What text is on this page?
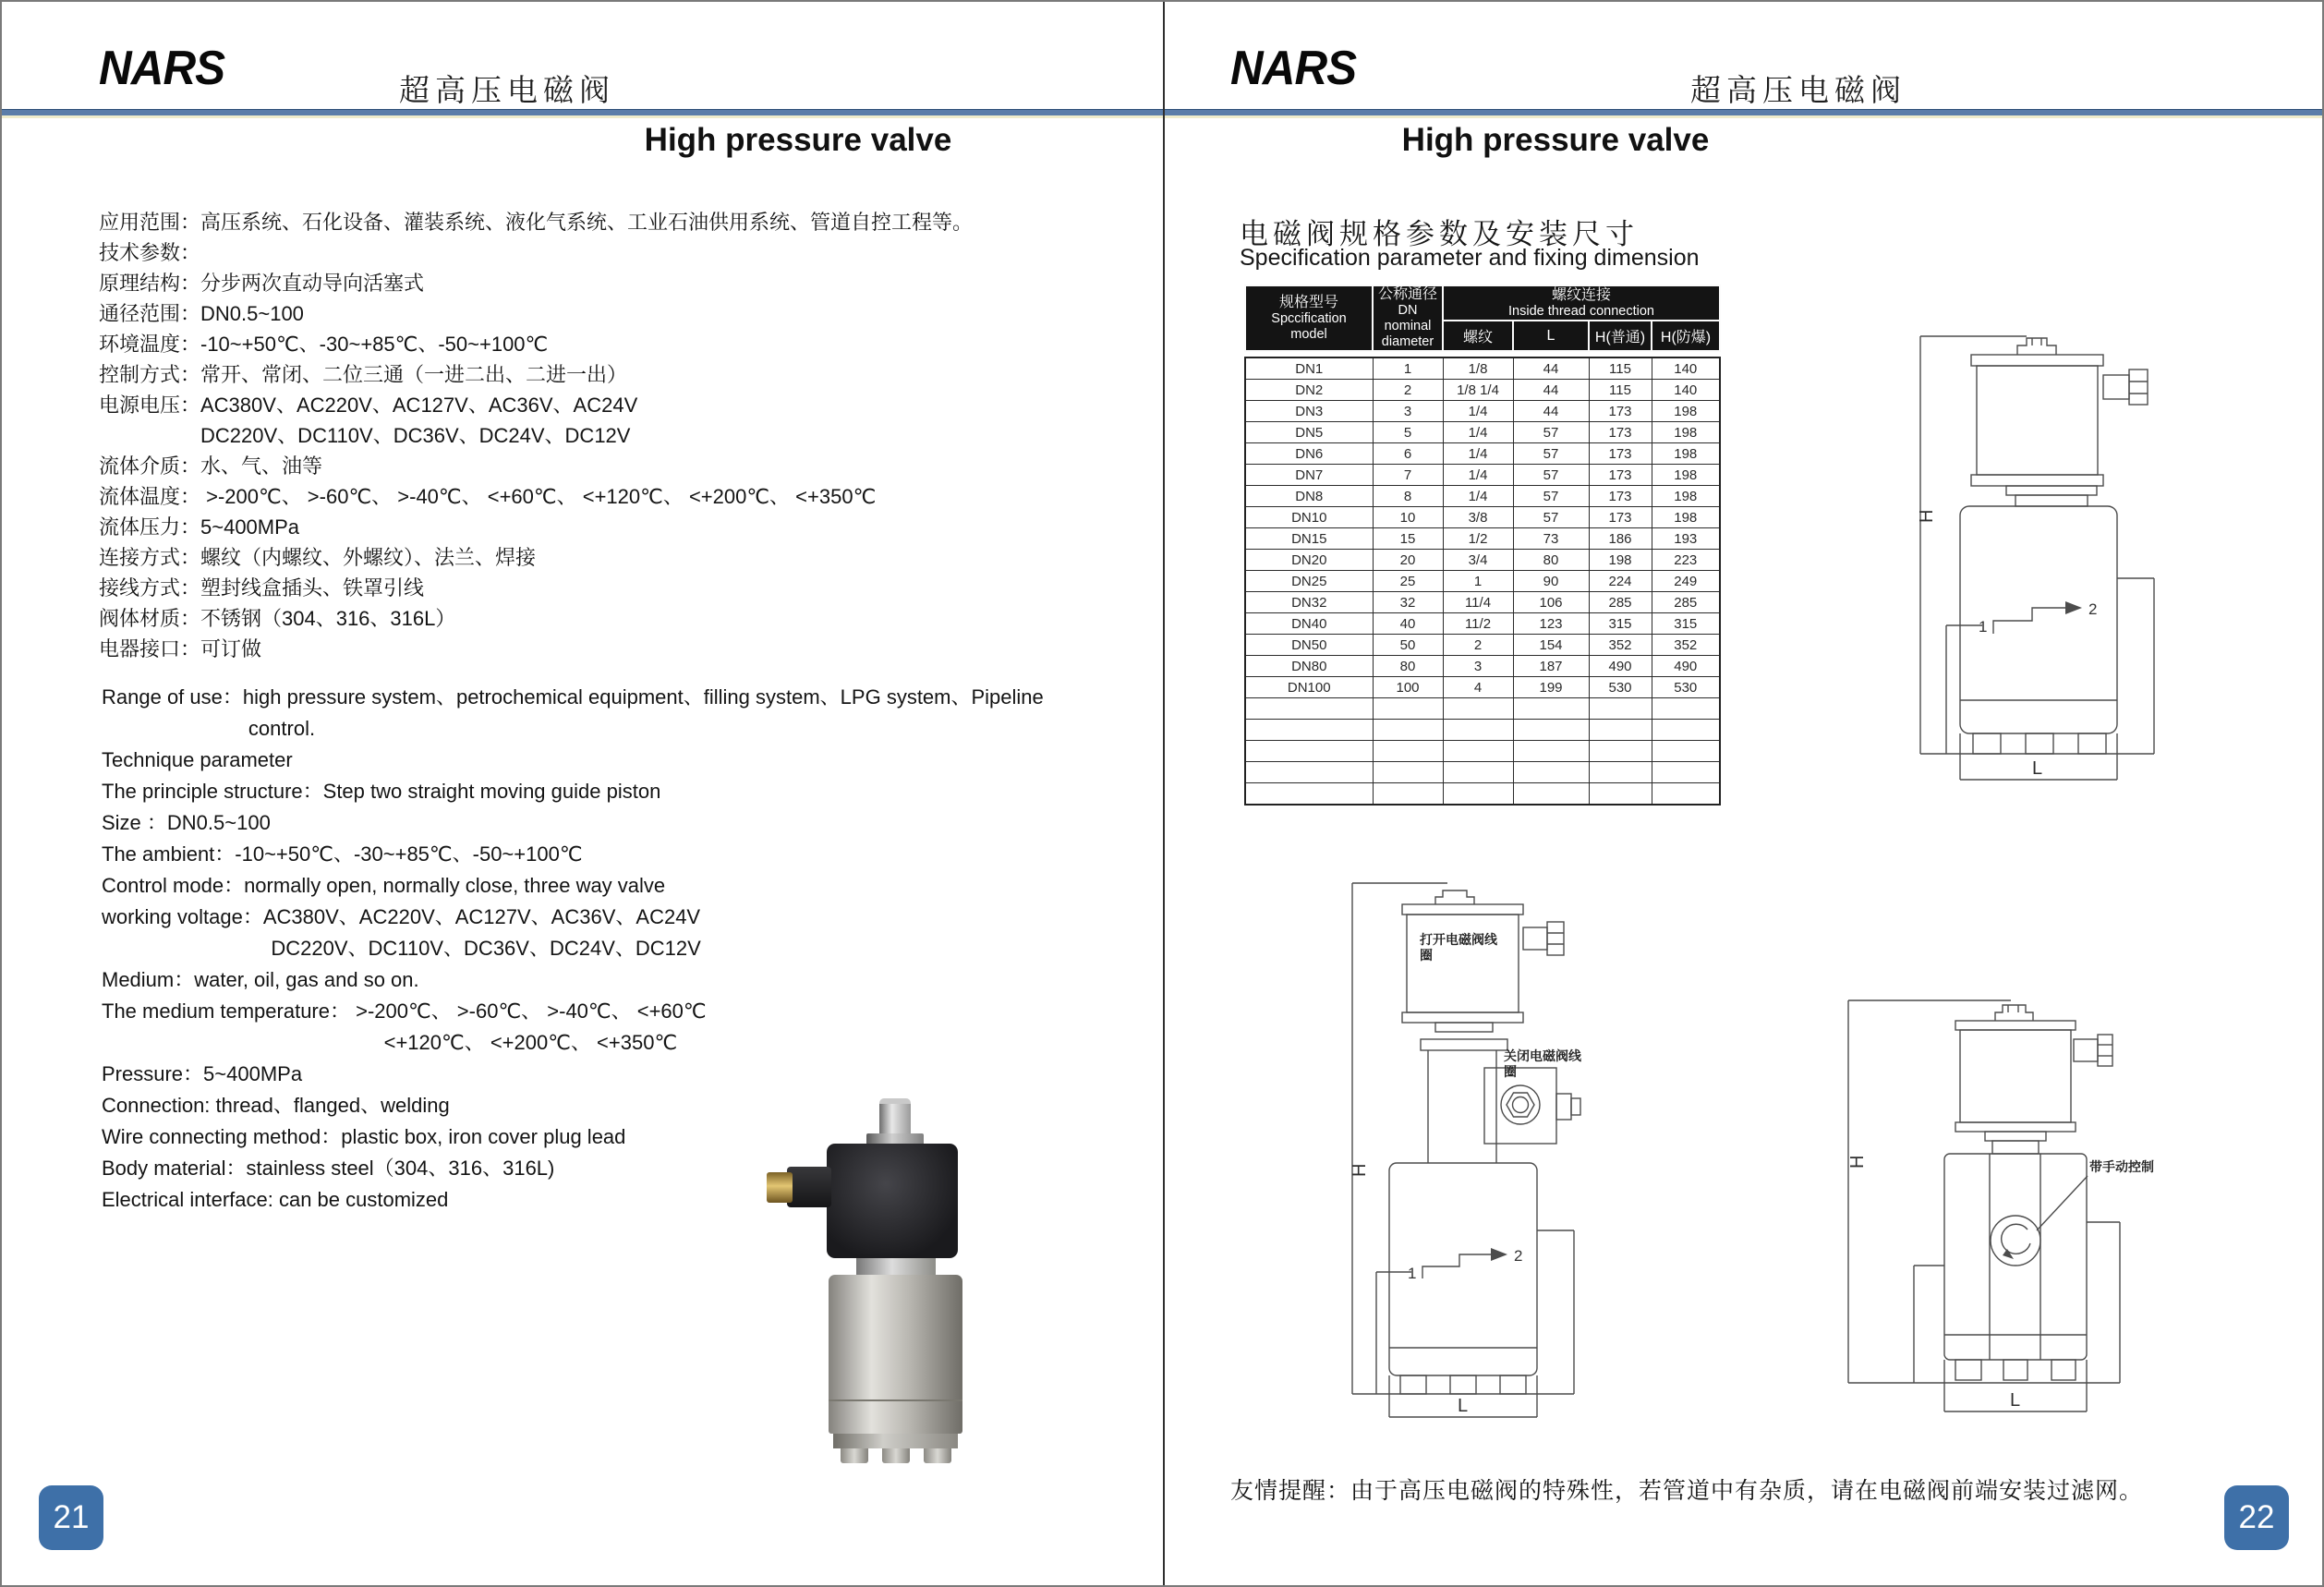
NARS	超高压电磁阀
High pressure valve
应用范围：高压系统、石化设备、灌装系统、液化气系统、工业石油供用系统、管道自控工程等。
技术参数：
原理结构：分步两次直动导向活塞式
通径范围：DN0.5~100
环境温度：-10~+50℃、-30~+85℃、-50~+100℃
控制方式：常开、常闭、二位三通（一进二出、二进一出）
电源电压：AC380V、AC220V、AC127V、AC36V、AC24V
DC220V、DC110V、DC36V、DC24V、DC12V
流体介质：水、气、油等
流体温度： >-200℃、 >-60℃、 >-40℃、 <+60℃、 <+120℃、 <+200℃、 <+350℃
流体压力：5~400MPa
连接方式：螺纹（内螺纹、外螺纹）、法兰、焊接
接线方式：塑封线盒插头、铁罩引线
阀体材质：不锈钢（304、316、316L）
电器接口：可订做
Range of use：high pressure system、petrochemical equipment、filling system、LPG system、Pipeline
control.
Technique parameter
The principle structure：Step two straight moving guide piston
Size ：DN0.5~100
The ambient：-10~+50℃、-30~+85℃、-50~+100℃
Control mode：normally open, normally close, three way valve
working voltage：AC380V、AC220V、AC127V、AC36V、AC24V
DC220V、DC110V、DC36V、DC24V、DC12V
Medium：water, oil, gas and so on.
The medium temperature： >-200℃、 >-60℃、 >-40℃、 <+60℃
<+120℃、 <+200℃、 <+350℃
Pressure：5~400MPa
Connection: thread、flanged、welding
Wire connecting method：plastic box, iron cover plug lead
Body material：stainless steel（304、316、316L)
Electrical interface: can be customized
21
NARS	超高压电磁阀
High pressure valve
电磁阀规格参数及安装尺寸
Specification parameter and fixing dimension
规格型号
Spccification
model

公称通径
DN
nominal
diameter

螺纹连接
Inside thread connection

		螺纹	L	H(普通)	H(防爆)
DN1	1	1/8	44	115	140
DN2	2	1/8 1/4	44	115	140
DN3	3	1/4	44	173	198
DN5	5	1/4	57	173	198
DN6	6	1/4	57	173	198
DN7	7	1/4	57	173	198
DN8	8	1/4	57	173	198
DN10	10	3/8	57	173	198
DN15	15	1/2	73	186	193
DN20	20	3/4	80	198	223
DN25	25	1	90	224	249
DN32	32	11/4	106	285	285
DN40	40	11/2	123	315	315
DN50	50	2	154	352	352
DN80	80	3	187	490	490
DN100	100	4	199	530	530

H
L
1
2
H
L
1
2
打开电磁阀线圈
关闭电磁阀线圈
H
L
带手动控制
友情提醒：由于高压电磁阀的特殊性，若管道中有杂质，请在电磁阀前端安装过滤网。
22
